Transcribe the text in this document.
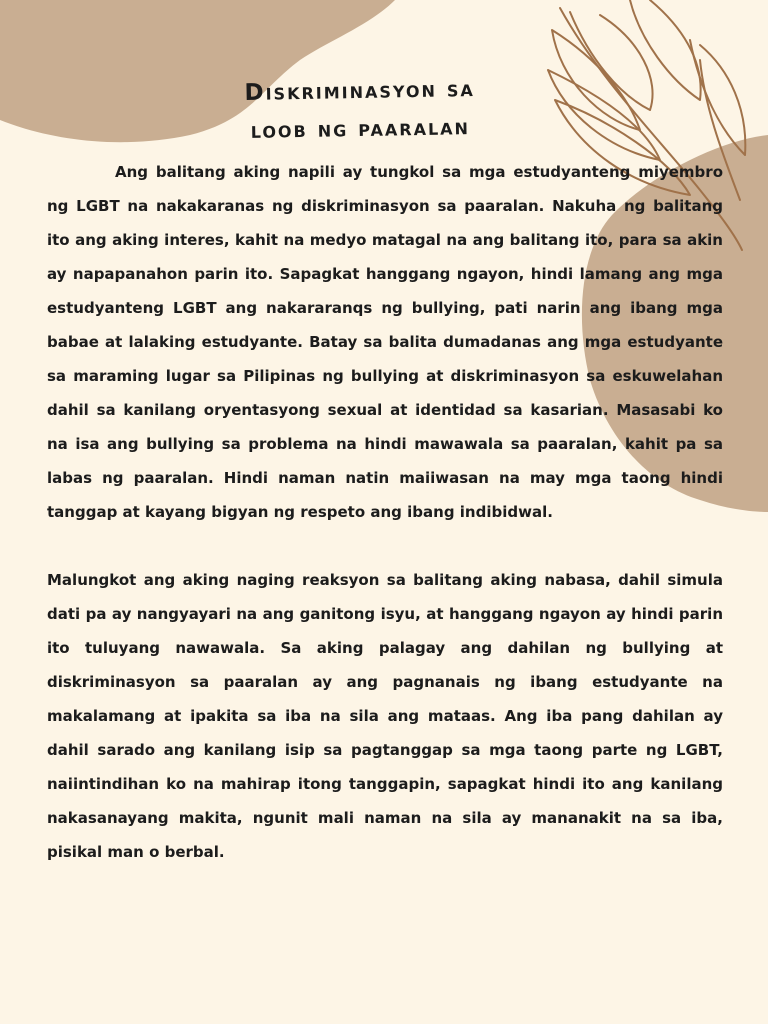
Diskriminasyon sa
loob ng paaralan

Ang balitang aking napili ay tungkol sa mga estudyanteng miyembro ng LGBT na nakakaranas ng diskriminasyon sa paaralan. Nakuha ng balitang ito ang aking interes, kahit na medyo matagal na ang balitang ito, para sa akin ay napapanahon parin ito. Sapagkat hanggang ngayon, hindi lamang ang mga estudyanteng LGBT ang nakararanqs ng bullying, pati narin ang ibang mga babae at lalaking estudyante. Batay sa balita dumadanas ang mga estudyante sa maraming lugar sa Pilipinas ng bullying at diskriminasyon sa eskuwelahan dahil sa kanilang oryentasyong sexual at identidad sa kasarian. Masasabi ko na isa ang bullying sa problema na hindi mawawala sa paaralan, kahit pa sa labas ng paaralan. Hindi naman natin maiiwasan na may mga taong hindi tanggap at kayang bigyan ng respeto ang ibang indibidwal.

Malungkot ang aking naging reaksyon sa balitang aking nabasa, dahil simula dati pa ay nangyayari na ang ganitong isyu, at hanggang ngayon ay hindi parin ito tuluyang nawawala. Sa aking palagay ang dahilan ng bullying at diskriminasyon sa paaralan ay ang pagnanais ng ibang estudyante na makalamang at ipakita sa iba na sila ang mataas. Ang iba pang dahilan ay dahil sarado ang kanilang isip sa pagtanggap sa mga taong parte ng LGBT, naiintindihan ko na mahirap itong tanggapin, sapagkat hindi ito ang kanilang nakasanayang makita, ngunit mali naman na sila ay mananakit na sa iba, pisikal man o berbal.
